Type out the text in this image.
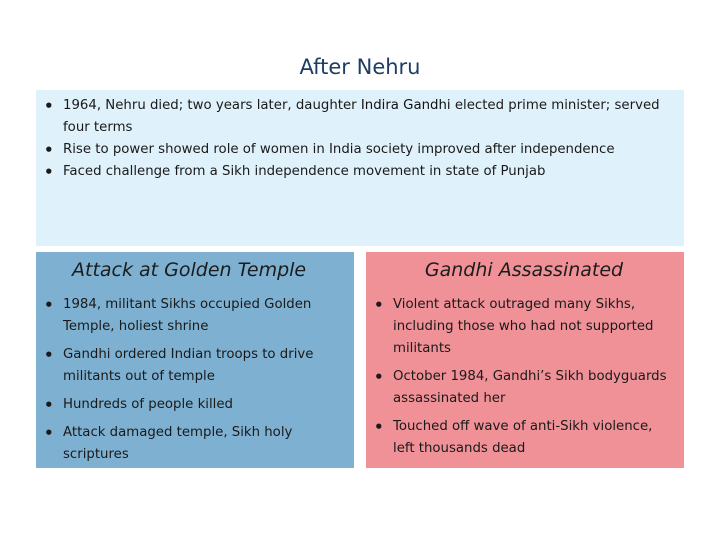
After Nehru
• 1964, Nehru died; two years later, daughter Indira Gandhi elected prime minister; served four terms
• Rise to power showed role of women in India society improved after independence
• Faced challenge from a Sikh independence movement in state of Punjab
Attack at Golden Temple
• 1984, militant Sikhs occupied Golden Temple, holiest shrine
• Gandhi ordered Indian troops to drive militants out of temple
• Hundreds of people killed
• Attack damaged temple, Sikh holy scriptures
Gandhi Assassinated
• Violent attack outraged many Sikhs, including those who had not supported militants
• October 1984, Gandhi’s Sikh bodyguards assassinated her
• Touched off wave of anti-Sikh violence, left thousands dead
